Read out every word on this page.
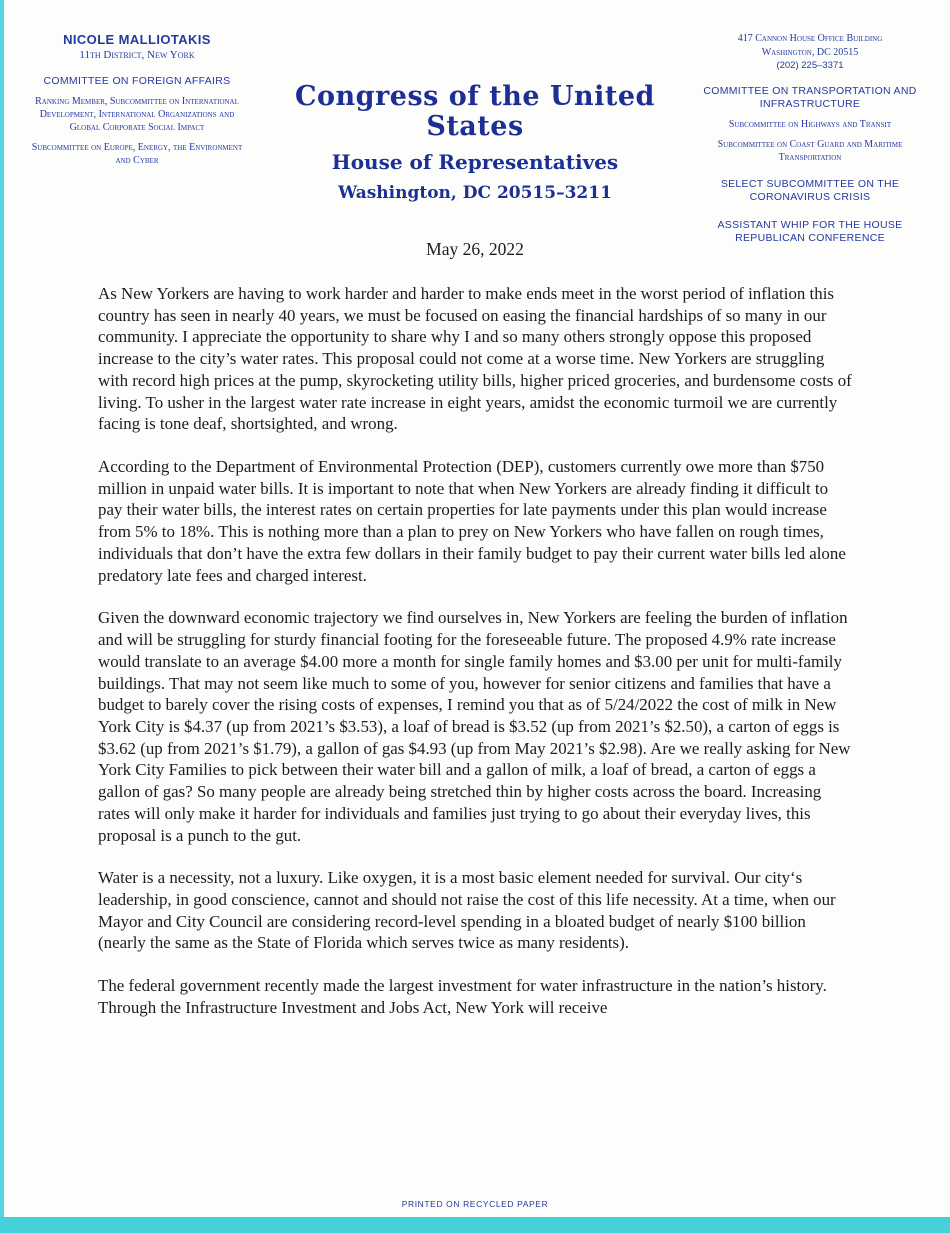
NICOLE MALLIOTAKIS
11th District, New York
COMMITTEE ON FOREIGN AFFAIRS
Ranking Member, Subcommittee on International Development, International Organizations and Global Corporate Social Impact
Subcommittee on Europe, Energy, the Environment and Cyber
Congress of the United States
House of Representatives
Washington, DC 20515–3211
417 Cannon House Office Building
Washington, DC 20515
(202) 225–3371
COMMITTEE ON TRANSPORTATION AND INFRASTRUCTURE
Subcommittee on Highways and Transit
Subcommittee on Coast Guard and Maritime Transportation
SELECT SUBCOMMITTEE ON THE CORONAVIRUS CRISIS
ASSISTANT WHIP FOR THE HOUSE REPUBLICAN CONFERENCE
May 26, 2022

As New Yorkers are having to work harder and harder to make ends meet in the worst period of inflation this country has seen in nearly 40 years, we must be focused on easing the financial hardships of so many in our community. I appreciate the opportunity to share why I and so many others strongly oppose this proposed increase to the city’s water rates. This proposal could not come at a worse time. New Yorkers are struggling with record high prices at the pump, skyrocketing utility bills, higher priced groceries, and burdensome costs of living. To usher in the largest water rate increase in eight years, amidst the economic turmoil we are currently facing is tone deaf, shortsighted, and wrong.

According to the Department of Environmental Protection (DEP), customers currently owe more than $750 million in unpaid water bills. It is important to note that when New Yorkers are already finding it difficult to pay their water bills, the interest rates on certain properties for late payments under this plan would increase from 5% to 18%. This is nothing more than a plan to prey on New Yorkers who have fallen on rough times, individuals that don’t have the extra few dollars in their family budget to pay their current water bills led alone predatory late fees and charged interest.

Given the downward economic trajectory we find ourselves in, New Yorkers are feeling the burden of inflation and will be struggling for sturdy financial footing for the foreseeable future. The proposed 4.9% rate increase would translate to an average $4.00 more a month for single family homes and $3.00 per unit for multi-family buildings. That may not seem like much to some of you, however for senior citizens and families that have a budget to barely cover the rising costs of expenses, I remind you that as of 5/24/2022 the cost of milk in New York City is $4.37 (up from 2021’s $3.53), a loaf of bread is $3.52 (up from 2021’s $2.50), a carton of eggs is $3.62 (up from 2021’s $1.79), a gallon of gas $4.93 (up from May 2021’s $2.98). Are we really asking for New York City Families to pick between their water bill and a gallon of milk, a loaf of bread, a carton of eggs a gallon of gas? So many people are already being stretched thin by higher costs across the board. Increasing rates will only make it harder for individuals and families just trying to go about their everyday lives, this proposal is a punch to the gut.

Water is a necessity, not a luxury. Like oxygen, it is a most basic element needed for survival. Our city‘s leadership, in good conscience, cannot and should not raise the cost of this life necessity. At a time, when our Mayor and City Council are considering record-level spending in a bloated budget of nearly $100 billion (nearly the same as the State of Florida which serves twice as many residents).

The federal government recently made the largest investment for water infrastructure in the nation’s history. Through the Infrastructure Investment and Jobs Act, New York will receive

PRINTED ON RECYCLED PAPER
